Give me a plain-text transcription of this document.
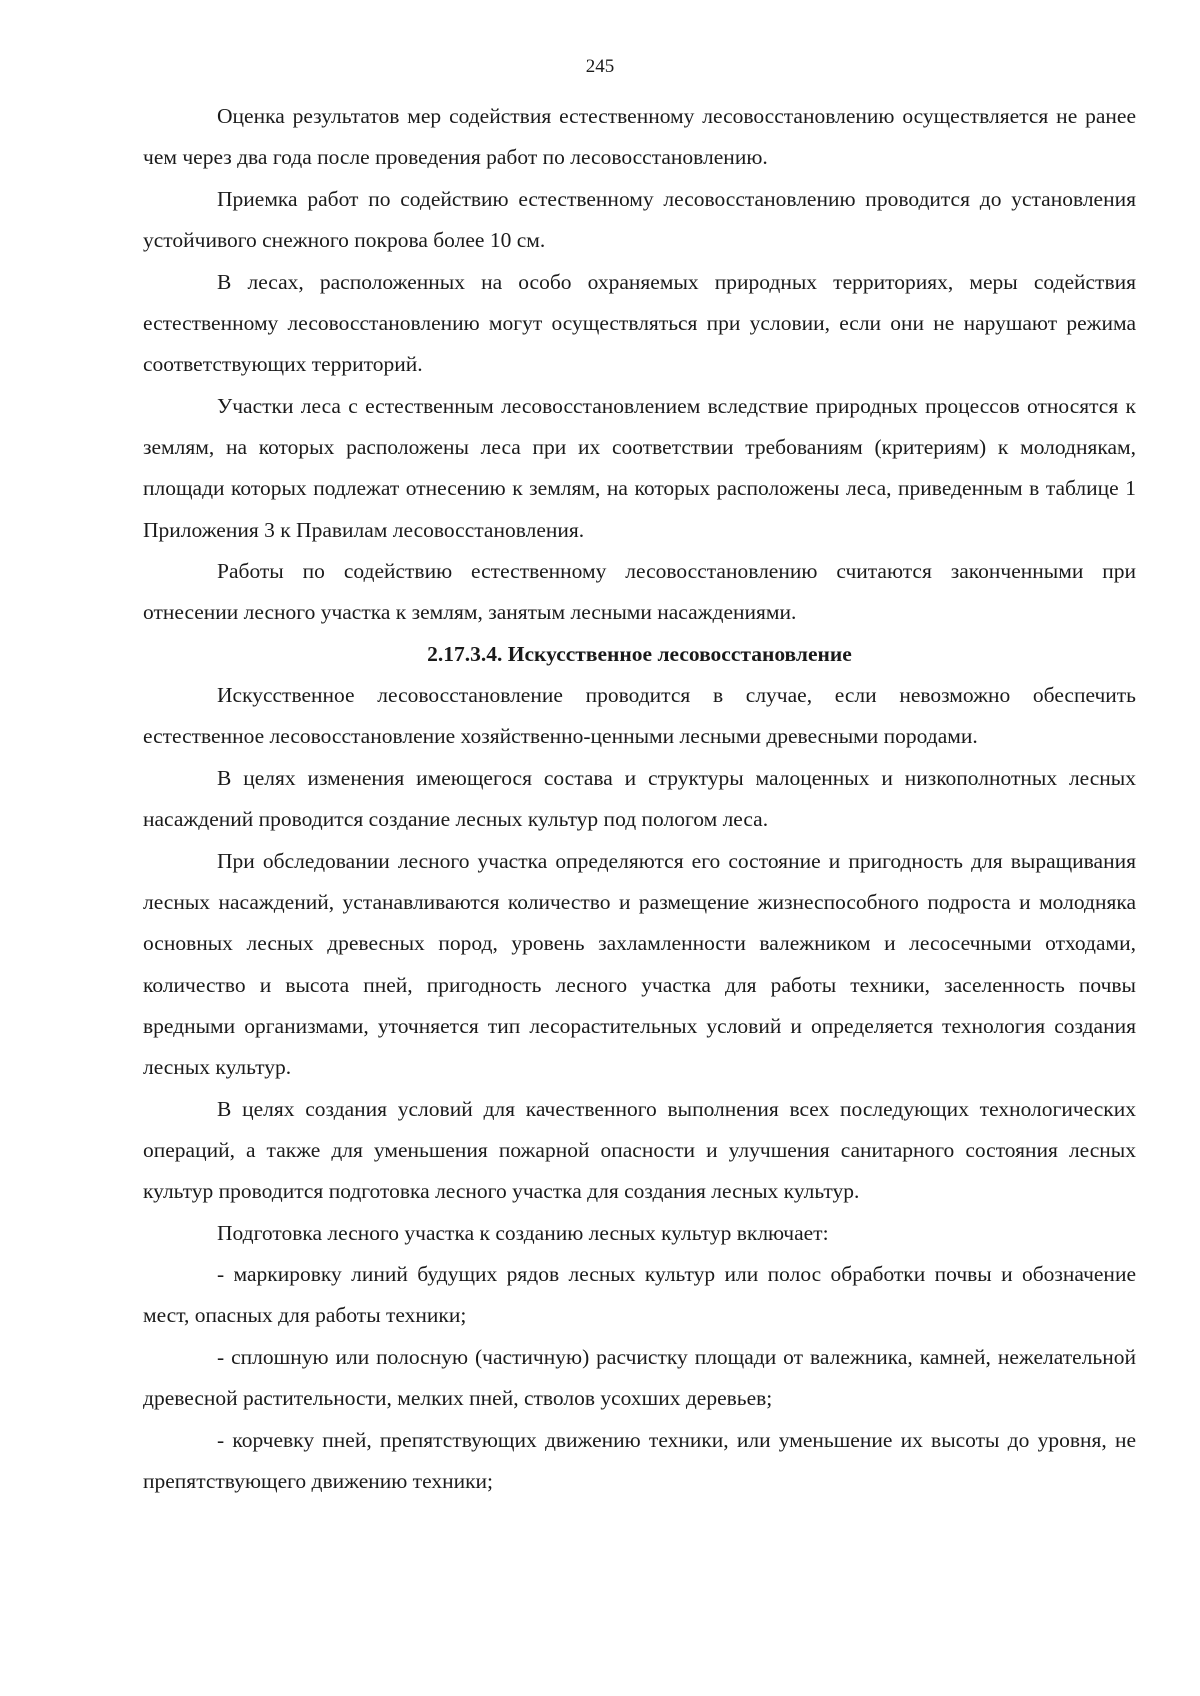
245

Оценка результатов мер содействия естественному лесовосстановлению осуществляется не ранее чем через два года после проведения работ по лесовосстановлению.

Приемка работ по содействию естественному лесовосстановлению проводится до установления устойчивого снежного покрова более 10 см.

В лесах, расположенных на особо охраняемых природных территориях, меры содействия естественному лесовосстановлению могут осуществляться при условии, если они не нарушают режима соответствующих территорий.

Участки леса с естественным лесовосстановлением вследствие природных процессов относятся к землям, на которых расположены леса при их соответствии требованиям (критериям) к молоднякам, площади которых подлежат отнесению к землям, на которых расположены леса, приведенным в таблице 1 Приложения 3 к Правилам лесовосстановления.

Работы по содействию естественному лесовосстановлению считаются законченными при отнесении лесного участка к землям, занятым лесными насаждениями.

2.17.3.4. Искусственное лесовосстановление

Искусственное лесовосстановление проводится в случае, если невозможно обеспечить естественное лесовосстановление хозяйственно-ценными лесными древесными породами.

В целях изменения имеющегося состава и структуры малоценных и низкополнотных лесных насаждений проводится создание лесных культур под пологом леса.

При обследовании лесного участка определяются его состояние и пригодность для выращивания лесных насаждений, устанавливаются количество и размещение жизнеспособного подроста и молодняка основных лесных древесных пород, уровень захламленности валежником и лесосечными отходами, количество и высота пней, пригодность лесного участка для работы техники, заселенность почвы вредными организмами, уточняется тип лесорастительных условий и определяется технология создания лесных культур.

В целях создания условий для качественного выполнения всех последующих технологических операций, а также для уменьшения пожарной опасности и улучшения санитарного состояния лесных культур проводится подготовка лесного участка для создания лесных культур.

Подготовка лесного участка к созданию лесных культур включает:

- маркировку линий будущих рядов лесных культур или полос обработки почвы и обозначение мест, опасных для работы техники;

- сплошную или полосную (частичную) расчистку площади от валежника, камней, нежелательной древесной растительности, мелких пней, стволов усохших деревьев;

- корчевку пней, препятствующих движению техники, или уменьшение их высоты до уровня, не препятствующего движению техники;
